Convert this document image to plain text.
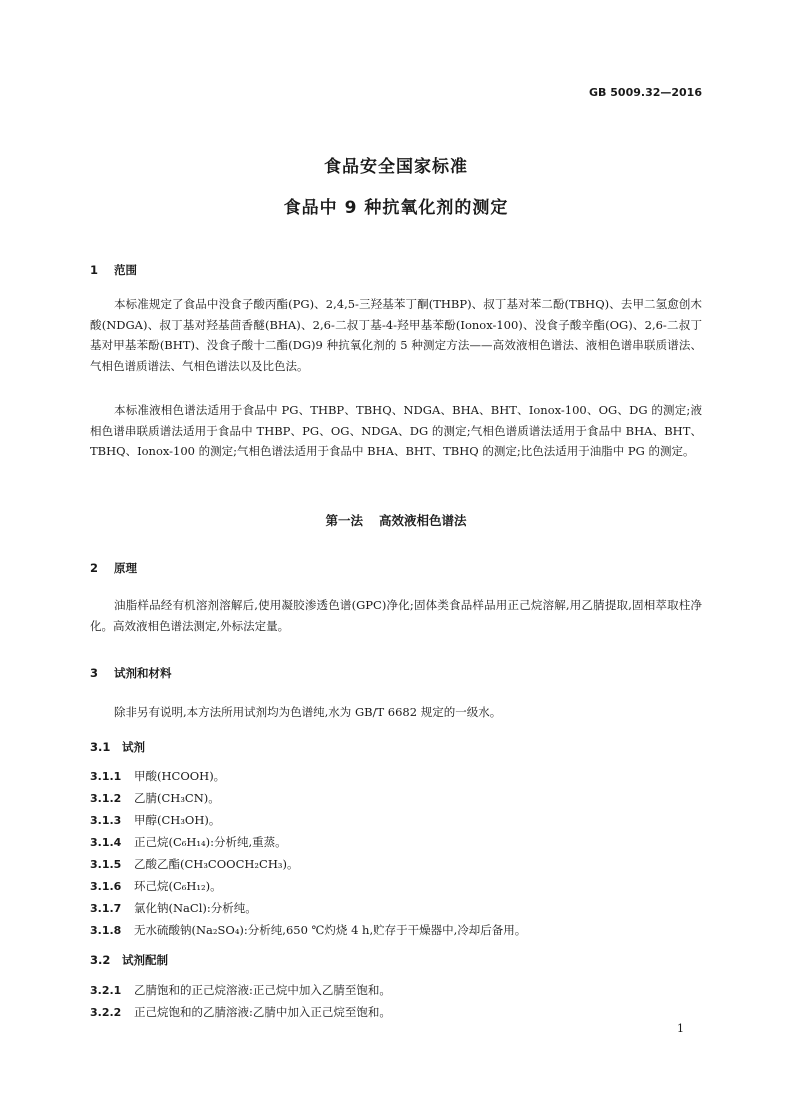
GB 5009.32—2016
食品安全国家标准
食品中 9 种抗氧化剂的测定
1 范围

本标准规定了食品中没食子酸丙酯(PG)、2,4,5-三羟基苯丁酮(THBP)、叔丁基对苯二酚(TBHQ)、去甲二氢愈创木酸(NDGA)、叔丁基对羟基茴香醚(BHA)、2,6-二叔丁基-4-羟甲基苯酚(Ionox-100)、没食子酸辛酯(OG)、2,6-二叔丁基对甲基苯酚(BHT)、没食子酸十二酯(DG)9 种抗氧化剂的 5 种测定方法——高效液相色谱法、液相色谱串联质谱法、气相色谱质谱法、气相色谱法以及比色法。

本标准液相色谱法适用于食品中 PG、THBP、TBHQ、NDGA、BHA、BHT、Ionox-100、OG、DG 的测定;液相色谱串联质谱法适用于食品中 THBP、PG、OG、NDGA、DG 的测定;气相色谱质谱法适用于食品中 BHA、BHT、TBHQ、Ionox-100 的测定;气相色谱法适用于食品中 BHA、BHT、TBHQ 的测定;比色法适用于油脂中 PG 的测定。

第一法 高效液相色谱法
2 原理

油脂样品经有机溶剂溶解后,使用凝胶渗透色谱(GPC)净化;固体类食品样品用正己烷溶解,用乙腈提取,固相萃取柱净化。高效液相色谱法测定,外标法定量。

3 试剂和材料

除非另有说明,本方法所用试剂均为色谱纯,水为 GB/T 6682 规定的一级水。

3.1 试剂
3.1.1 甲酸(HCOOH)。
3.1.2 乙腈(CH₃CN)。
3.1.3 甲醇(CH₃OH)。
3.1.4 正己烷(C₆H₁₄):分析纯,重蒸。
3.1.5 乙酸乙酯(CH₃COOCH₂CH₃)。
3.1.6 环己烷(C₆H₁₂)。
3.1.7 氯化钠(NaCl):分析纯。
3.1.8 无水硫酸钠(Na₂SO₄):分析纯,650 ℃灼烧 4 h,贮存于干燥器中,冷却后备用。
3.2 试剂配制
3.2.1 乙腈饱和的正己烷溶液:正己烷中加入乙腈至饱和。
3.2.2 正己烷饱和的乙腈溶液:乙腈中加入正己烷至饱和。
1
